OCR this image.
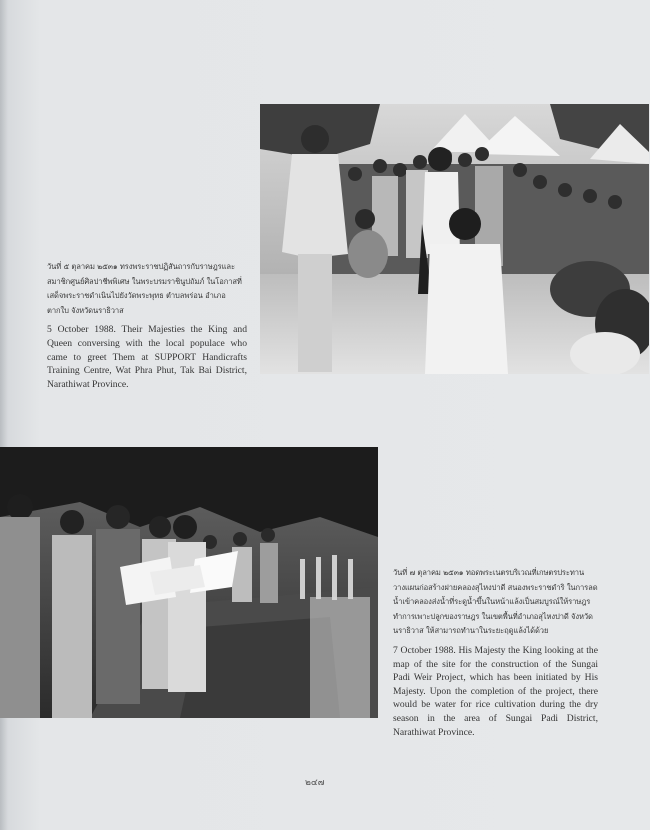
วันที่ ๕ ตุลาคม ๒๕๓๑ ทรงพระราชปฏิสันถารกับราษฎรและสมาชิกศูนย์ศิลปาชีพพิเศษ ในพระบรมราชินูปถัมภ์ ในโอกาสที่เสด็จพระราชดำเนินไปยังวัดพระพุทธ ตำบลพร่อน อำเภอตากใบ จังหวัดนราธิวาส
5 October 1988. Their Majesties the King and Queen conversing with the local populace who came to greet Them at SUPPORT Handicrafts Training Centre, Wat Phra Phut, Tak Bai District, Narathiwat Province.
วันที่ ๗ ตุลาคม ๒๕๓๑ ทอดพระเนตรบริเวณที่เกษตรประทานวางแผนก่อสร้างฝายคลองสุไหงปาดี สนองพระราชดำริ ในการลดน้ำเข้าคลองส่งน้ำที่ระดูน้ำขึ้นในหน้าแล้งเป็นสมบูรณ์ให้ราษฎรทำการเพาะปลูกของราษฎร ในเขตพื้นที่อำเภอสุไหงปาดี จังหวัดนราธิวาส ให้สามารถทำนาในระยะฤดูแล้งได้ด้วย
7 October 1988. His Majesty the King looking at the map of the site for the construction of the Sungai Padi Weir Project, which has been initiated by His Majesty. Upon the completion of the project, there would be water for rice cultivation during the dry season in the area of Sungai Padi District, Narathiwat Province.
๒๔๗
